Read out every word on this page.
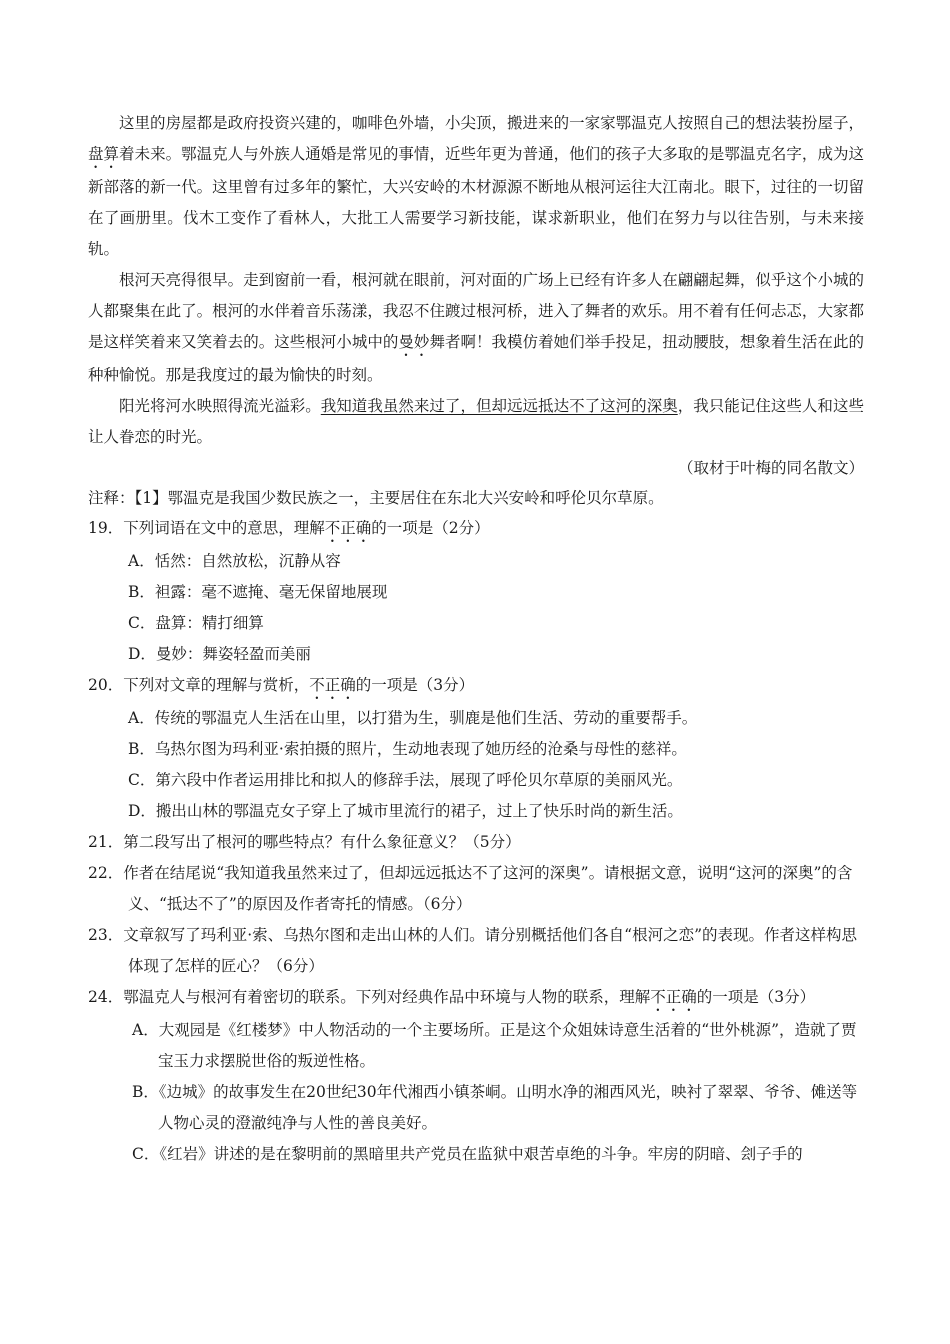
这里的房屋都是政府投资兴建的，咖啡色外墙，小尖顶，搬进来的一家家鄂温克人按照自己的想法装扮屋子，盘算着未来。鄂温克人与外族人通婚是常见的事情，近些年更为普通，他们的孩子大多取的是鄂温克名字，成为这新部落的新一代。这里曾有过多年的繁忙，大兴安岭的木材源源不断地从根河运往大江南北。眼下，过往的一切留在了画册里。伐木工变作了看林人，大批工人需要学习新技能，谋求新职业，他们在努力与以往告别，与未来接轨。

根河天亮得很早。走到窗前一看，根河就在眼前，河对面的广场上已经有许多人在翩翩起舞，似乎这个小城的人都聚集在此了。根河的水伴着音乐荡漾，我忍不住踱过根河桥，进入了舞者的欢乐。用不着有任何忐忑，大家都是这样笑着来又笑着去的。这些根河小城中的曼妙舞者啊！我模仿着她们举手投足，扭动腰肢，想象着生活在此的种种愉悦。那是我度过的最为愉快的时刻。

阳光将河水映照得流光溢彩。我知道我虽然来过了，但却远远抵达不了这河的深奥，我只能记住这些人和这些让人眷恋的时光。

（取材于叶梅的同名散文）

注释：【1】鄂温克是我国少数民族之一，主要居住在东北大兴安岭和呼伦贝尔草原。

19．下列词语在文中的意思，理解不正确的一项是（2分）

A．恬然：自然放松，沉静从容

B．袒露：毫不遮掩、毫无保留地展现

C．盘算：精打细算

D．曼妙：舞姿轻盈而美丽

20．下列对文章的理解与赏析，不正确的一项是（3分）

A．传统的鄂温克人生活在山里，以打猎为生，驯鹿是他们生活、劳动的重要帮手。

B．乌热尔图为玛利亚·索拍摄的照片，生动地表现了她历经的沧桑与母性的慈祥。

C．第六段中作者运用排比和拟人的修辞手法，展现了呼伦贝尔草原的美丽风光。

D．搬出山林的鄂温克女子穿上了城市里流行的裙子，过上了快乐时尚的新生活。

21．第二段写出了根河的哪些特点？有什么象征意义？（5分）

22．作者在结尾说“我知道我虽然来过了，但却远远抵达不了这河的深奥”。请根据文意，说明“这河的深奥”的含义、“抵达不了”的原因及作者寄托的情感。（6分）

23．文章叙写了玛利亚·索、乌热尔图和走出山林的人们。请分别概括他们各自“根河之恋”的表现。作者这样构思体现了怎样的匠心？（6分）

24．鄂温克人与根河有着密切的联系。下列对经典作品中环境与人物的联系，理解不正确的一项是（3分）

A．大观园是《红楼梦》中人物活动的一个主要场所。正是这个众姐妹诗意生活着的“世外桃源”，造就了贾宝玉力求摆脱世俗的叛逆性格。

B．《边城》的故事发生在20世纪30年代湘西小镇茶峒。山明水净的湘西风光，映衬了翠翠、爷爷、傩送等人物心灵的澄澈纯净与人性的善良美好。

C．《红岩》讲述的是在黎明前的黑暗里共产党员在监狱中艰苦卓绝的斗争。牢房的阴暗、刽子手的
